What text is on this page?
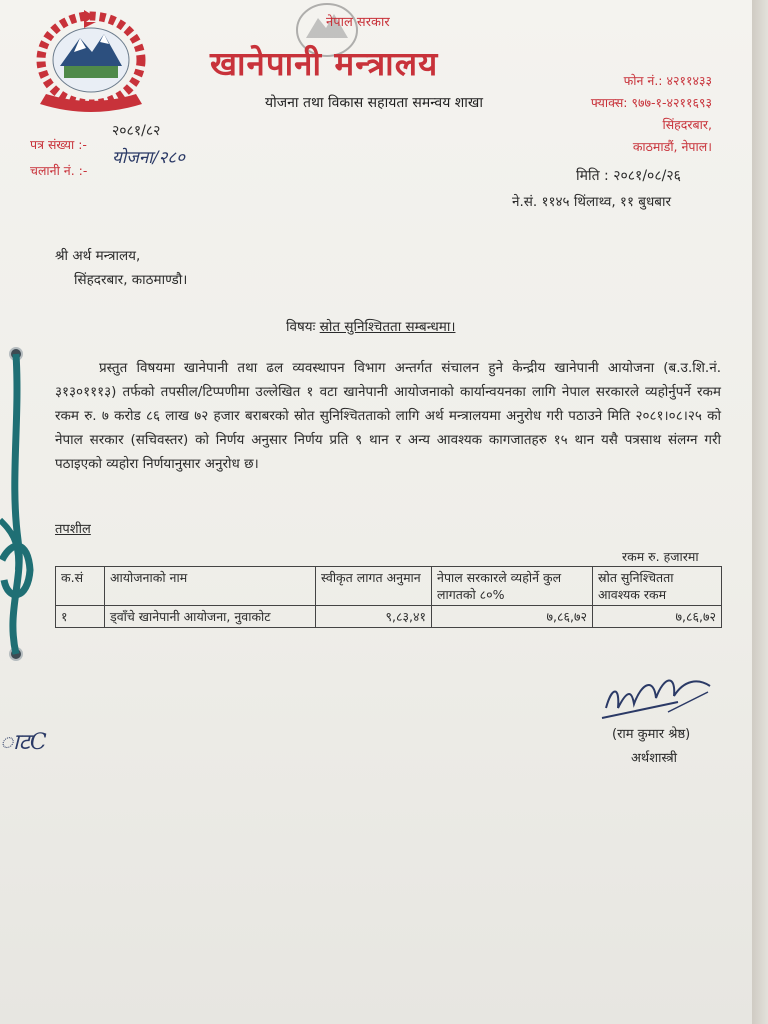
नेपाल सरकार
खानेपानी मन्त्रालय
योजना तथा विकास सहायता समन्वय शाखा
फोन नं.: ४२११४३३
फ्याक्स: ९७७-१-४२११६९३
सिंहदरबार,
काठमाडौं, नेपाल।
पत्र संख्या :-
२०८१/८२
चलानी नं. :-
योजना/२८०
मिति : २०८१/०८/२६
ने.सं. ११४५ थिंलाथ्व, ११ बुधबार
श्री अर्थ मन्त्रालय,
सिंहदरबार, काठमाण्डौ।
विषयः स्रोत सुनिश्चितता सम्बन्धमा।
प्रस्तुत विषयमा खानेपानी तथा ढल व्यवस्थापन विभाग अन्तर्गत संचालन हुने केन्द्रीय खानेपानी आयोजना (ब.उ.शि.नं. ३१३०१११३) तर्फको तपसील/टिप्पणीमा उल्लेखित १ वटा खानेपानी आयोजनाको कार्यान्वयनका लागि नेपाल सरकारले व्यहोर्नुपर्ने रकम रकम रु. ७ करोड ८६ लाख ७२ हजार बराबरको स्रोत सुनिश्चितताको लागि अर्थ मन्त्रालयमा अनुरोध गरी पठाउने मिति २०८१।०८।२५ को नेपाल सरकार (सचिवस्तर) को निर्णय अनुसार निर्णय प्रति ९ थान र अन्य आवश्यक कागजातहरु १५ थान यसै पत्रसाथ संलग्न गरी पठाइएको व्यहोरा निर्णयानुसार अनुरोध छ।
तपशील
रकम रु. हजारमा
क.सं	आयोजनाको नाम	स्वीकृत लागत अनुमान	नेपाल सरकारले व्यहोर्ने कुल लागतको ८०%	स्रोत सुनिश्चितता आवश्यक रकम
१	ड्वाँचे खानेपानी आयोजना, नुवाकोट	९,८३,४१	७,८६,७२	७,८६,७२
(राम कुमार श्रेष्ठ)
अर्थशास्त्री
ाटC
